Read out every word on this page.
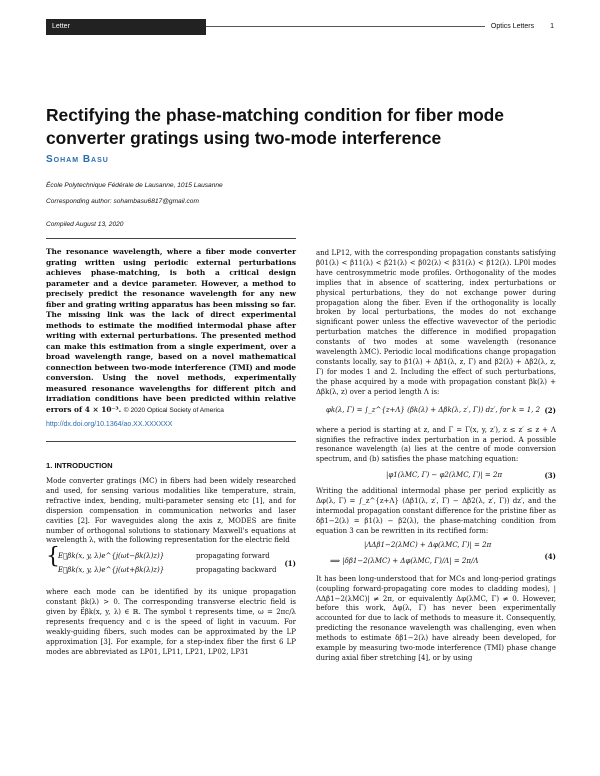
Letter	Optics Letters 1
Rectifying the phase-matching condition for fiber mode converter gratings using two-mode interference
Soham Basu
École Polytechnique Fédérale de Lausanne, 1015 Lausanne
Corresponding author: sohambasu6817@gmail.com
Compiled August 13, 2020
The resonance wavelength, where a fiber mode converter grating written using periodic external perturbations achieves phase-matching, is both a critical design parameter and a device parameter. However, a method to precisely predict the resonance wavelength for any new fiber and grating writing apparatus has been missing so far. The missing link was the lack of direct experimental methods to estimate the modified intermodal phase after writing with external perturbations. The presented method can make this estimation from a single experiment, over a broad wavelength range, based on a novel mathematical connection between two-mode interference (TMI) and mode conversion. Using the novel methods, experimentally measured resonance wavelengths for different pitch and irradiation conditions have been predicted within relative errors of 4 × 10⁻³. © 2020 Optical Society of America
http://dx.doi.org/10.1364/ao.XX.XXXXXX
1. INTRODUCTION

Mode converter gratings (MC) in fibers had been widely researched and used, for sensing various modalities like temperature, strain, refractive index, bending, multi-parameter sensing etc [1], and for dispersion compensation in communication networks and laser cavities [2]. For waveguides along the axis z, MODES are finite number of orthogonal solutions to stationary Maxwell's equations at wavelength λ, with the following representation for the electric field

{
E⃗βk(x, y, λ)e^{j(ωt−βk(λ)z)}	propagating forward
E⃗βk(x, y, λ)e^{j(ωt+βk(λ)z)}	propagating backward
(1)

where each mode can be identified by its unique propagation constant βk(λ) > 0. The corresponding transverse electric field is given by E⃗βk(x, y, λ) ∈ ℝ. The symbol t represents time, ω = 2πc/λ represents frequency and c is the speed of light in vacuum. For weakly-guiding fibers, such modes can be approximated by the LP approximation [3]. For example, for a step-index fiber the first 6 LP modes are abbreviated as LP01, LP11, LP21, LP02, LP31

and LP12, with the corresponding propagation constants satisfying β01(λ) < β11(λ) < β21(λ) < β02(λ) < β31(λ) < β12(λ). LP0l modes have centrosymmetric mode profiles. Orthogonality of the modes implies that in absence of scattering, index perturbations or physical perturbations, they do not exchange power during propagation along the fiber. Even if the orthogonality is locally broken by local perturbations, the modes do not exchange significant power unless the effective wavevector of the periodic perturbation matches the difference in modified propagation constants of two modes at some wavelength (resonance wavelength λMC). Periodic local modifications change propagation constants locally, say to β1(λ) + Δβ1(λ, z, Γ) and β2(λ) + Δβ2(λ, z, Γ) for modes 1 and 2. Including the effect of such perturbations, the phase acquired by a mode with propagation constant βk(λ) + Δβk(λ, z) over a period length Λ is:

φk(λ, Γ) = ∫_z^{z+Λ} (βk(λ) + Δβk(λ, z′, Γ)) dz′, for k = 1, 2 (2)

where a period is starting at z, and Γ = Γ(x, y, z′), z ≤ z′ ≤ z + Λ signifies the refractive index perturbation in a period. A possible resonance wavelength (a) lies at the centre of mode conversion spectrum, and (b) satisfies the phase matching equation:

|φ1(λMC, Γ) − φ2(λMC, Γ)| = 2π	(3)

Writing the additional intermodal phase per period explicitly as Δφ(λ, Γ) = ∫_z^{z+Λ} (Δβ1(λ, z′, Γ) − Δβ2(λ, z′, Γ)) dz′, and the intermodal propagation constant difference for the pristine fiber as δβ1−2(λ) = β1(λ) − β2(λ), the phase-matching condition from equation 3 can be rewritten in its rectified form:

|ΛΔβ1−2(λMC) + Δφ(λMC, Γ)| = 2π
⟹ |δβ1−2(λMC) + Δφ(λMC, Γ)/Λ| = 2π/Λ	(4)

It has been long-understood that for MCs and long-period gratings (coupling forward-propagating core modes to cladding modes), |ΛΔβ1−2(λMC)| ≠ 2π, or equivalently Δφ(λMC, Γ) ≠ 0. However, before this work, Δφ(λ, Γ) has never been experimentally accounted for due to lack of methods to measure it. Consequently, predicting the resonance wavelength was challenging, even when methods to estimate δβ1−2(λ) have already been developed, for example by measuring two-mode interference (TMI) phase change during axial fiber stretching [4], or by using
